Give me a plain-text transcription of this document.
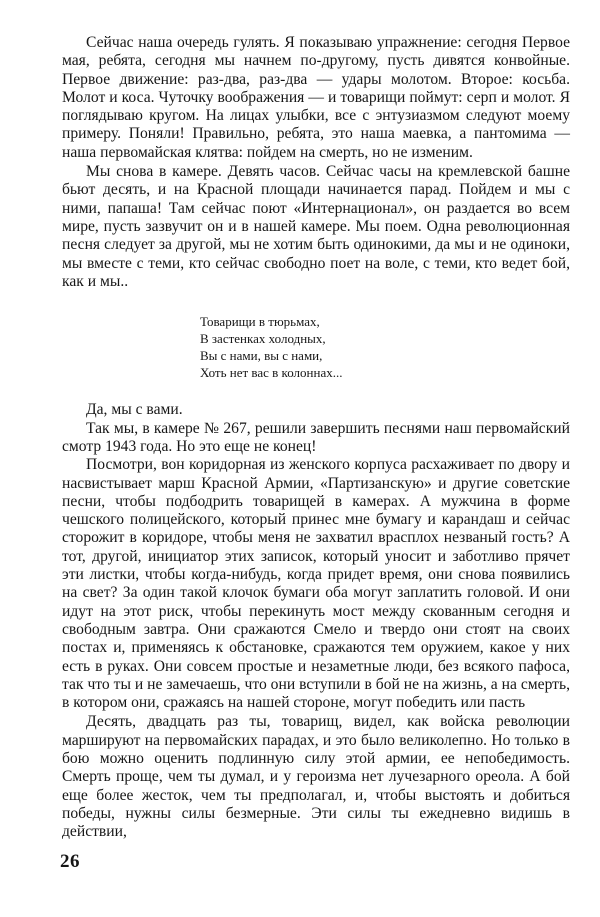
Сейчас наша очередь гулять. Я показываю упражнение: сегодня Первое мая, ребята, сегодня мы начнем по-другому, пусть дивятся конвойные. Первое движение: раз-два, раз-два — удары молотом. Второе: косьба. Молот и коса. Чуточку воображения — и товарищи поймут: серп и молот. Я поглядываю кругом. На лицах улыбки, все с энтузиазмом следуют моему примеру. Поняли! Правильно, ребята, это наша маевка, а пантомима — наша первомайская клятва: пойдем на смерть, но не изменим.

Мы снова в камере. Девять часов. Сейчас часы на кремлевской башне бьют десять, и на Красной площади начинается парад. Пойдем и мы с ними, папаша! Там сейчас поют «Интернационал», он раздается во всем мире, пусть зазвучит он и в нашей камере. Мы поем. Одна революционная песня следует за другой, мы не хотим быть одинокими, да мы и не одиноки, мы вместе с теми, кто сейчас свободно поет на воле, с теми, кто ведет бой, как и мы..

Товарищи в тюрьмах,
В застенках холодных,
Вы с нами, вы с нами,
Хоть нет вас в колоннах...

Да, мы с вами.

Так мы, в камере № 267, решили завершить песнями наш первомайский смотр 1943 года. Но это еще не конец!

Посмотри, вон коридорная из женского корпуса расхаживает по двору и насвистывает марш Красной Армии, «Партизанскую» и другие советские песни, чтобы подбодрить товарищей в камерах. А мужчина в форме чешского полицейского, который принес мне бумагу и карандаш и сейчас сторожит в коридоре, чтобы меня не захватил врасплох незваный гость? А тот, другой, инициатор этих записок, который уносит и заботливо прячет эти листки, чтобы когда-нибудь, когда придет время, они снова появились на свет? За один такой клочок бумаги оба могут заплатить головой. И они идут на этот риск, чтобы перекинуть мост между скованным сегодня и свободным завтра. Они сражаются Смело и твердо они стоят на своих постах и, применяясь к обстановке, сражаются тем оружием, какое у них есть в руках. Они совсем простые и незаметные люди, без всякого пафоса, так что ты и не замечаешь, что они вступили в бой не на жизнь, а на смерть, в котором они, сражаясь на нашей стороне, могут победить или пасть

Десять, двадцать раз ты, товарищ, видел, как войска революции маршируют на первомайских парадах, и это было великолепно. Но только в бою можно оценить подлинную силу этой армии, ее непобедимость. Смерть проще, чем ты думал, и у героизма нет лучезарного ореола. А бой еще более жесток, чем ты предполагал, и, чтобы выстоять и добиться победы, нужны силы безмерные. Эти силы ты ежедневно видишь в действии,

26
